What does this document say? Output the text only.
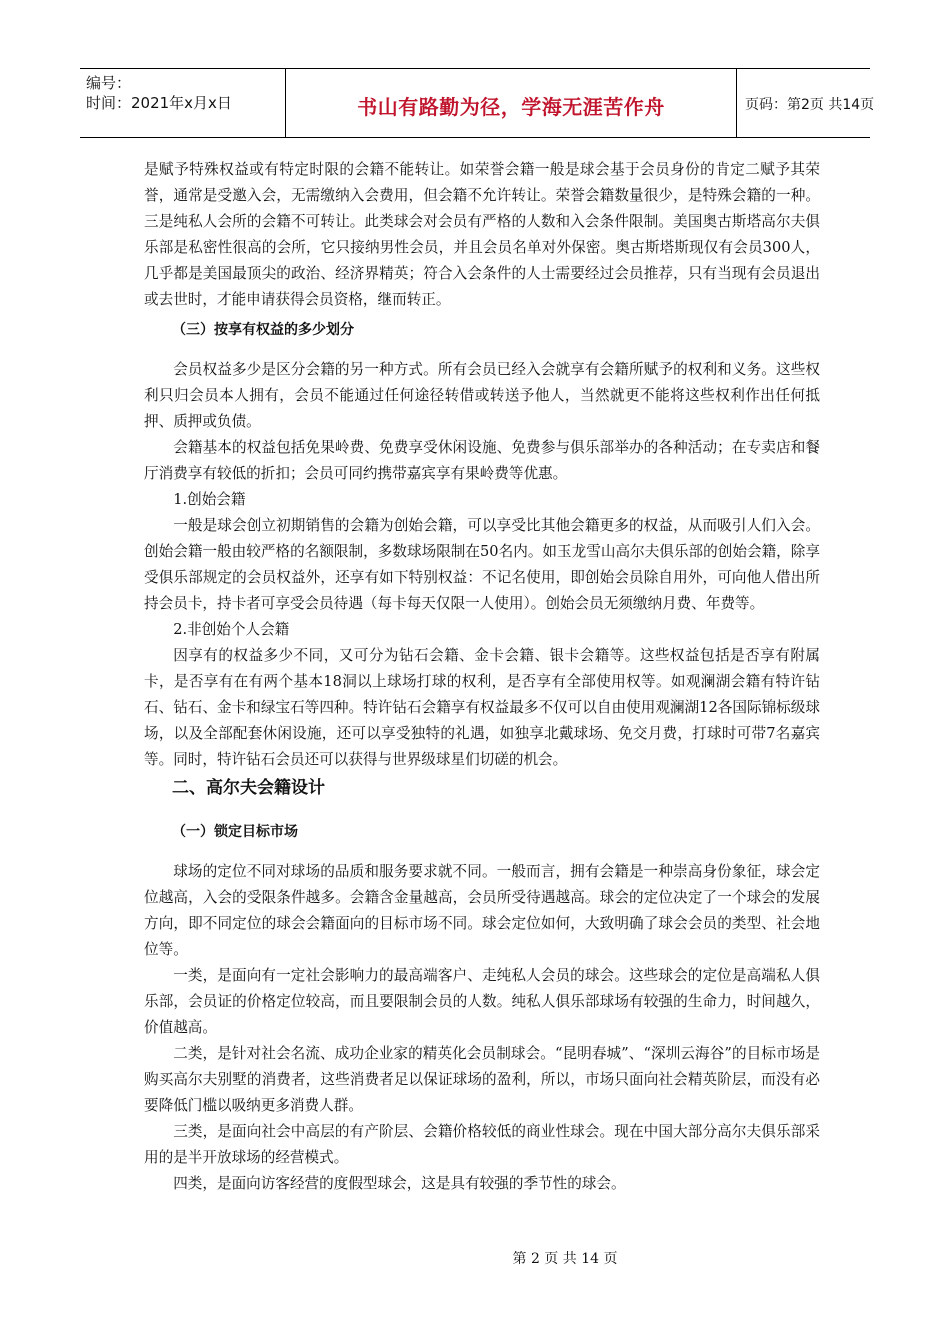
编号：
时间：2021年x月x日	书山有路勤为径，学海无涯苦作舟	页码：第2页 共14页

是赋予特殊权益或有特定时限的会籍不能转让。如荣誉会籍一般是球会基于会员身份的肯定二赋予其荣誉，通常是受邀入会，无需缴纳入会费用，但会籍不允许转让。荣誉会籍数量很少，是特殊会籍的一种。三是纯私人会所的会籍不可转让。此类球会对会员有严格的人数和入会条件限制。美国奥古斯塔高尔夫俱乐部是私密性很高的会所，它只接纳男性会员，并且会员名单对外保密。奥古斯塔斯现仅有会员300人，几乎都是美国最顶尖的政治、经济界精英；符合入会条件的人士需要经过会员推荐，只有当现有会员退出或去世时，才能申请获得会员资格，继而转正。

（三）按享有权益的多少划分

会员权益多少是区分会籍的另一种方式。所有会员已经入会就享有会籍所赋予的权利和义务。这些权利只归会员本人拥有，会员不能通过任何途径转借或转送予他人，当然就更不能将这些权利作出任何抵押、质押或负债。

会籍基本的权益包括免果岭费、免费享受休闲设施、免费参与俱乐部举办的各种活动；在专卖店和餐厅消费享有较低的折扣；会员可同约携带嘉宾享有果岭费等优惠。

1.创始会籍

一般是球会创立初期销售的会籍为创始会籍，可以享受比其他会籍更多的权益，从而吸引人们入会。创始会籍一般由较严格的名额限制，多数球场限制在50名内。如玉龙雪山高尔夫俱乐部的创始会籍，除享受俱乐部规定的会员权益外，还享有如下特别权益：不记名使用，即创始会员除自用外，可向他人借出所持会员卡，持卡者可享受会员待遇（每卡每天仅限一人使用）。创始会员无须缴纳月费、年费等。

2.非创始个人会籍

因享有的权益多少不同，又可分为钻石会籍、金卡会籍、银卡会籍等。这些权益包括是否享有附属卡，是否享有在有两个基本18洞以上球场打球的权利，是否享有全部使用权等。如观澜湖会籍有特许钻石、钻石、金卡和绿宝石等四种。特许钻石会籍享有权益最多不仅可以自由使用观澜湖12各国际锦标级球场，以及全部配套休闲设施，还可以享受独特的礼遇，如独享北戴球场、免交月费，打球时可带7名嘉宾等。同时，特许钻石会员还可以获得与世界级球星们切磋的机会。

二、高尔夫会籍设计

（一）锁定目标市场

球场的定位不同对球场的品质和服务要求就不同。一般而言，拥有会籍是一种崇高身份象征，球会定位越高，入会的受限条件越多。会籍含金量越高，会员所受待遇越高。球会的定位决定了一个球会的发展方向，即不同定位的球会会籍面向的目标市场不同。球会定位如何，大致明确了球会会员的类型、社会地位等。

一类，是面向有一定社会影响力的最高端客户、走纯私人会员的球会。这些球会的定位是高端私人俱乐部，会员证的价格定位较高，而且要限制会员的人数。纯私人俱乐部球场有较强的生命力，时间越久，价值越高。

二类，是针对社会名流、成功企业家的精英化会员制球会。“昆明春城”、“深圳云海谷”的目标市场是购买高尔夫别墅的消费者，这些消费者足以保证球场的盈利，所以，市场只面向社会精英阶层，而没有必要降低门槛以吸纳更多消费人群。

三类，是面向社会中高层的有产阶层、会籍价格较低的商业性球会。现在中国大部分高尔夫俱乐部采用的是半开放球场的经营模式。

四类，是面向访客经营的度假型球会，这是具有较强的季节性的球会。

第 2 页 共 14 页
